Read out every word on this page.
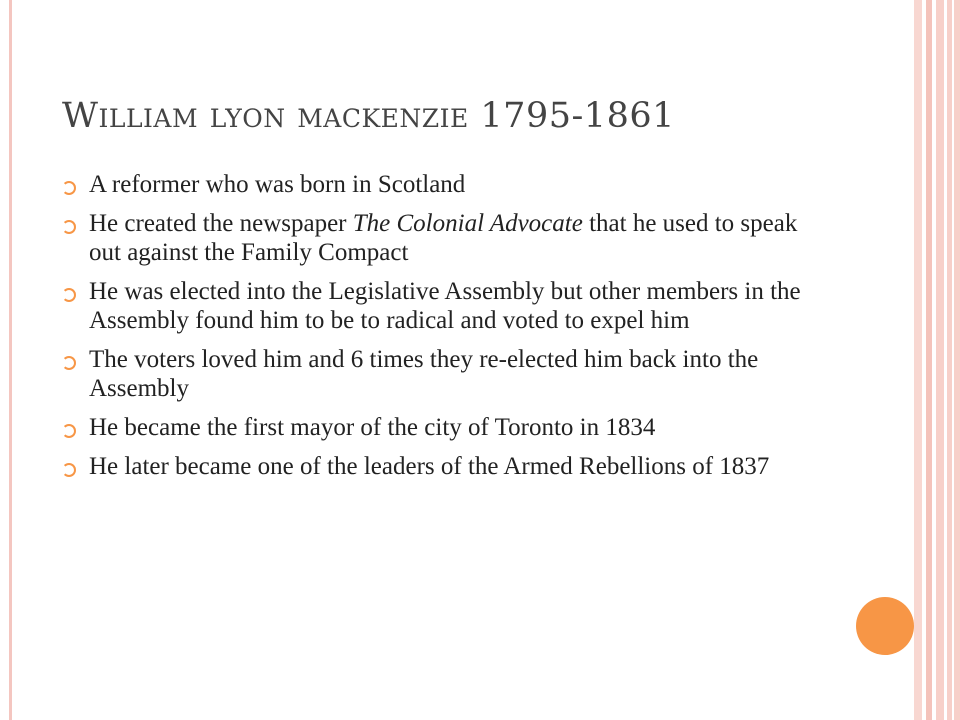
William lyon mackenzie 1795-1861
A reformer who was born in Scotland
He created the newspaper The Colonial Advocate that he used to speak out against the Family Compact
He was elected into the Legislative Assembly but other members in the Assembly found him to be to radical and voted to expel him
The voters loved him and 6 times they re-elected him back into the Assembly
He became the first mayor of the city of Toronto in 1834
He later became one of the leaders of the Armed Rebellions of 1837
